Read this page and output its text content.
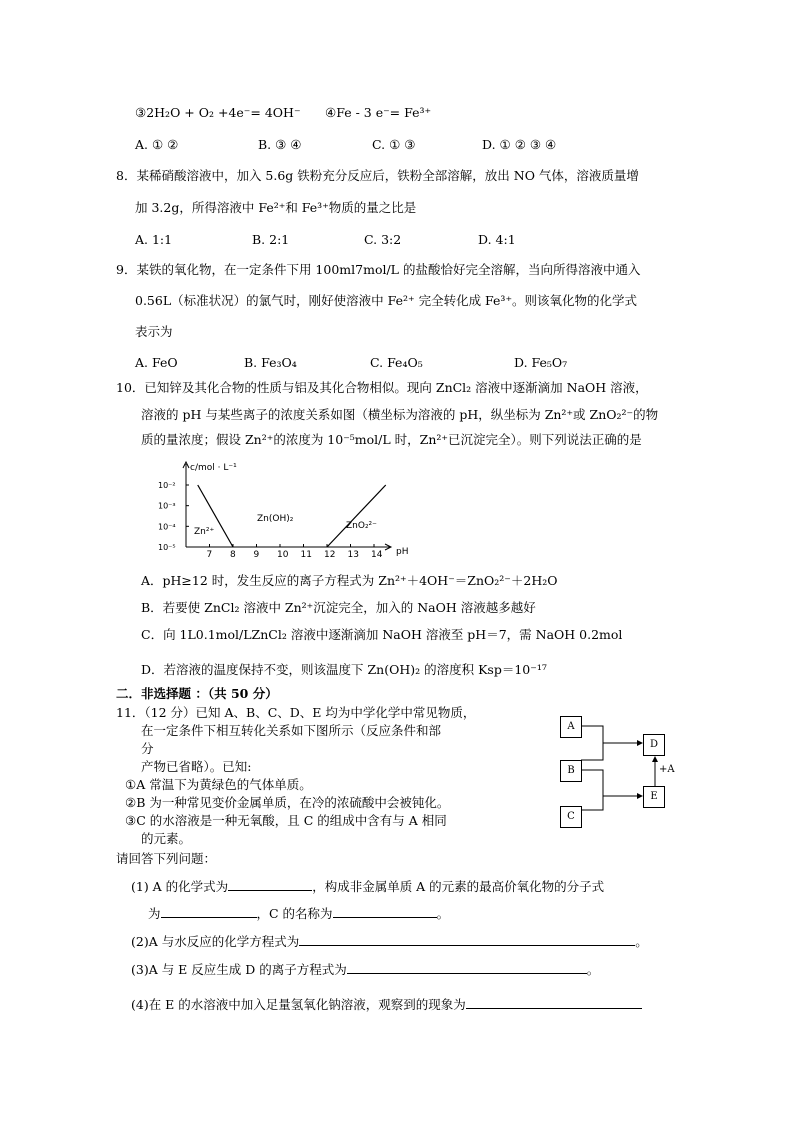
③2H₂O + O₂ +4e⁻= 4OH⁻ ④Fe - 3 e⁻= Fe³⁺
A. ① ②	B. ③ ④	C. ① ③	D. ① ② ③ ④
8．某稀硝酸溶液中，加入 5.6g 铁粉充分反应后，铁粉全部溶解，放出 NO 气体，溶液质量增
加 3.2g，所得溶液中 Fe²⁺和 Fe³⁺物质的量之比是
A. 1:1	B. 2:1	C. 3:2	D. 4:1
9．某铁的氧化物，在一定条件下用 100ml7mol/L 的盐酸恰好完全溶解，当向所得溶液中通入
0.56L（标准状况）的氯气时，刚好使溶液中 Fe²⁺ 完全转化成 Fe³⁺。则该氧化物的化学式
表示为
A. FeO	B. Fe₃O₄	C. Fe₄O₅	D. Fe₅O₇
10．已知锌及其化合物的性质与铝及其化合物相似。现向 ZnCl₂ 溶液中逐渐滴加 NaOH 溶液，
溶液的 pH 与某些离子的浓度关系如图（横坐标为溶液的 pH，纵坐标为 Zn²⁺或 ZnO₂²⁻的物
质的量浓度；假设 Zn²⁺的浓度为 10⁻⁵mol/L 时，Zn²⁺已沉淀完全）。则下列说法正确的是
c/mol · L⁻¹
pH
Zn²⁺
Zn(OH)₂
ZnO₂²⁻
7 8 9 10 11 12 13 14
10⁻²
10⁻³
10⁻⁴
10⁻⁵
A．pH≥12 时，发生反应的离子方程式为 Zn²⁺＋4OH⁻＝ZnO₂²⁻＋2H₂O
B．若要使 ZnCl₂ 溶液中 Zn²⁺沉淀完全，加入的 NaOH 溶液越多越好
C．向 1L0.1mol/LZnCl₂ 溶液中逐渐滴加 NaOH 溶液至 pH＝7，需 NaOH 0.2mol
D．若溶液的温度保持不变，则该温度下 Zn(OH)₂ 的溶度积 Ksp＝10⁻¹⁷
二．非选择题 ：（共 50 分）
11．（12 分）已知 A、B、C、D、E 均为中学化学中常见物质，
在一定条件下相互转化关系如下图所示（反应条件和部
分
产物已省略）。已知:
①A 常温下为黄绿色的气体单质。
②B 为一种常见变价金属单质，在冷的浓硫酸中会被钝化。
③C 的水溶液是一种无氧酸，且 C 的组成中含有与 A 相同
的元素。
请回答下列问题：
A
B
C
D
E
+A
(1) A 的化学式为	，构成非金属单质 A 的元素的最高价氧化物的分子式
为	，C 的名称为	。
(2)A 与水反应的化学方程式为	。
(3)A 与 E 反应生成 D 的离子方程式为	。
(4)在 E 的水溶液中加入足量氢氧化钠溶液，观察到的现象为
